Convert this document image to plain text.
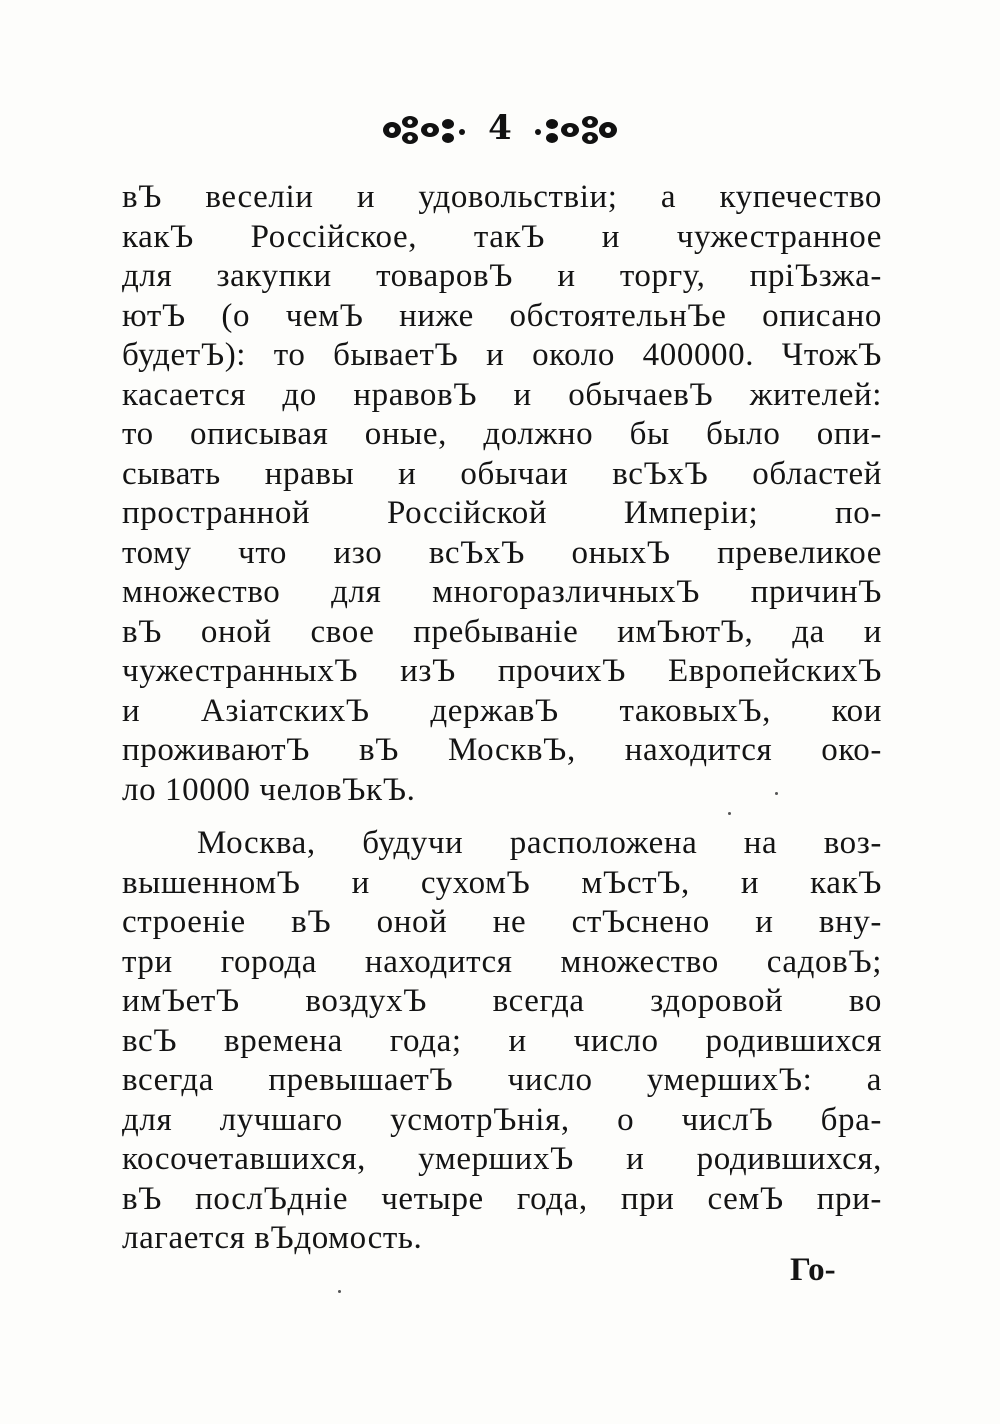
4
вЪ веселіи и удовольствіи; а купечество
какЪ Россійское, такЪ и чужестранное
для закупки товаровЪ и торгу, пріЪзжа-
ютЪ (о чемЪ ниже обстоятельнЪе описано
будетЪ): то бываетЪ и около 400000. ЧтожЪ
касается до нравовЪ и обычаевЪ жителей:
то описывая оные, должно бы было опи-
сывать нравы и обычаи всЪхЪ областей
пространной Россійской Имперіи; по-
тому что изо всЪхЪ оныхЪ превеликое
множество для многоразличныхЪ причинЪ
вЪ оной свое пребываніе имЪютЪ, да и
чужестранныхЪ изЪ прочихЪ ЕвропейскихЪ
и АзіатскихЪ державЪ таковыхЪ, кои
проживаютЪ вЪ МосквЪ, находится око-
ло 10000 человЪкЪ.
Москва, будучи расположена на воз-
вышенномЪ и сухомЪ мЪстЪ, и какЪ
строеніе вЪ оной не стЪснено и вну-
три города находится множество садовЪ;
имЪетЪ воздухЪ всегда здоровой во
всЪ времена года; и число родившихся
всегда превышаетЪ число умершихЪ: а
для лучшаго усмотрЪнія, о числЪ бра-
косочетавшихся, умершихЪ и родившихся,
вЪ послЪдніе четыре года, при семЪ при-
лагается вЪдомость.
Го-
